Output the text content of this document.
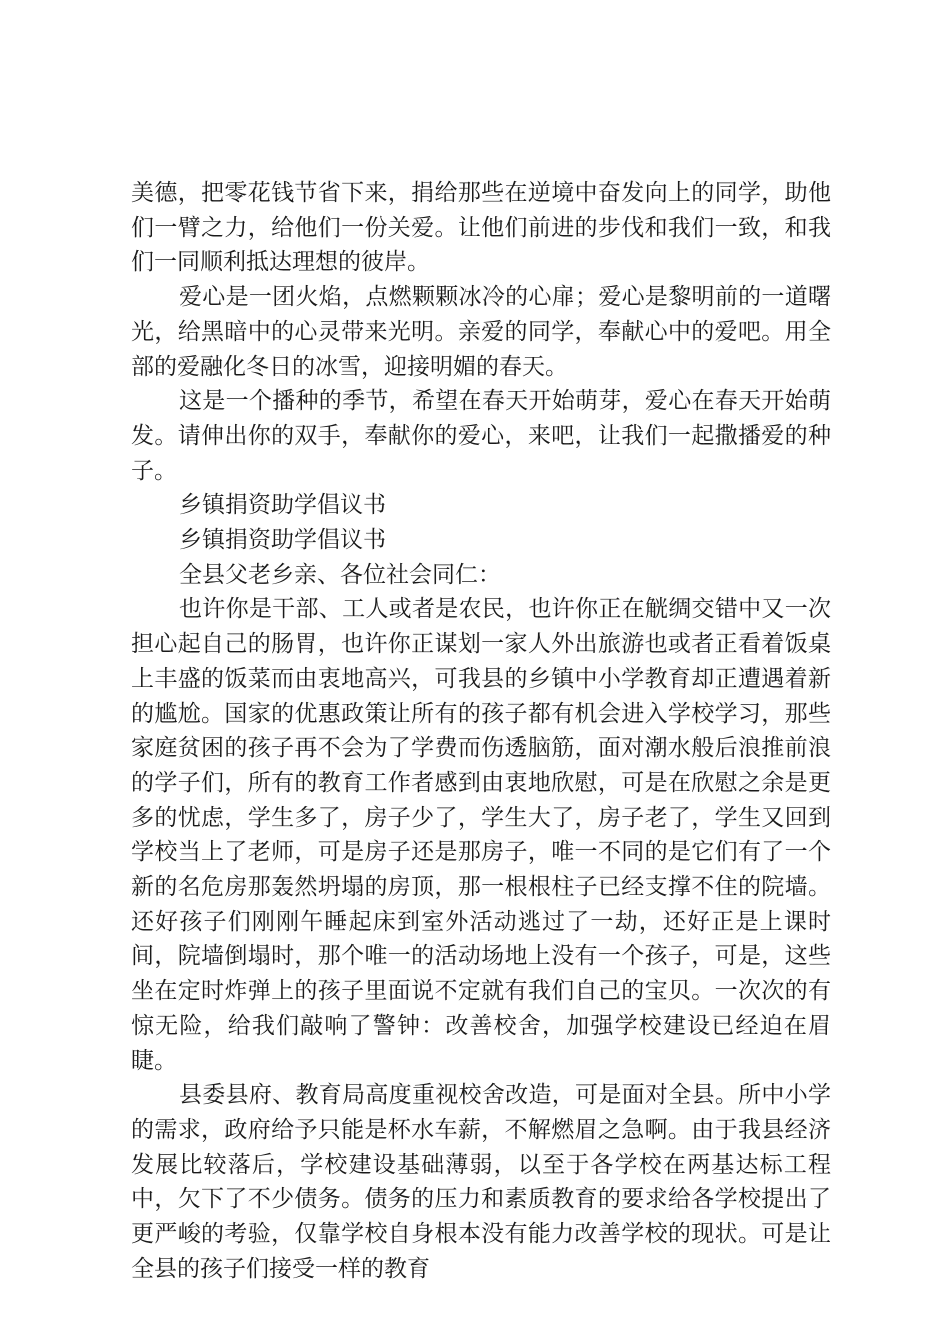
美德，把零花钱节省下来，捐给那些在逆境中奋发向上的同学，助他们一臂之力，给他们一份关爱。让他们前进的步伐和我们一致，和我们一同顺利抵达理想的彼岸。

爱心是一团火焰，点燃颗颗冰冷的心扉；爱心是黎明前的一道曙光，给黑暗中的心灵带来光明。亲爱的同学，奉献心中的爱吧。用全部的爱融化冬日的冰雪，迎接明媚的春天。

这是一个播种的季节，希望在春天开始萌芽，爱心在春天开始萌发。请伸出你的双手，奉献你的爱心，来吧，让我们一起撒播爱的种子。

乡镇捐资助学倡议书

乡镇捐资助学倡议书

全县父老乡亲、各位社会同仁：

也许你是干部、工人或者是农民，也许你正在觥绸交错中又一次担心起自己的肠胃，也许你正谋划一家人外出旅游也或者正看着饭桌上丰盛的饭菜而由衷地高兴，可我县的乡镇中小学教育却正遭遇着新的尴尬。国家的优惠政策让所有的孩子都有机会进入学校学习，那些家庭贫困的孩子再不会为了学费而伤透脑筋，面对潮水般后浪推前浪的学子们，所有的教育工作者感到由衷地欣慰，可是在欣慰之余是更多的忧虑，学生多了，房子少了，学生大了，房子老了，学生又回到学校当上了老师，可是房子还是那房子，唯一不同的是它们有了一个新的名危房那轰然坍塌的房顶，那一根根柱子已经支撑不住的院墙。还好孩子们刚刚午睡起床到室外活动逃过了一劫，还好正是上课时间，院墙倒塌时，那个唯一的活动场地上没有一个孩子，可是，这些坐在定时炸弹上的孩子里面说不定就有我们自己的宝贝。一次次的有惊无险，给我们敲响了警钟：改善校舍，加强学校建设已经迫在眉睫。

县委县府、教育局高度重视校舍改造，可是面对全县。所中小学的需求，政府给予只能是杯水车薪，不解燃眉之急啊。由于我县经济发展比较落后，学校建设基础薄弱，以至于各学校在两基达标工程中，欠下了不少债务。债务的压力和素质教育的要求给各学校提出了更严峻的考验，仅靠学校自身根本没有能力改善学校的现状。可是让全县的孩子们接受一样的教育
